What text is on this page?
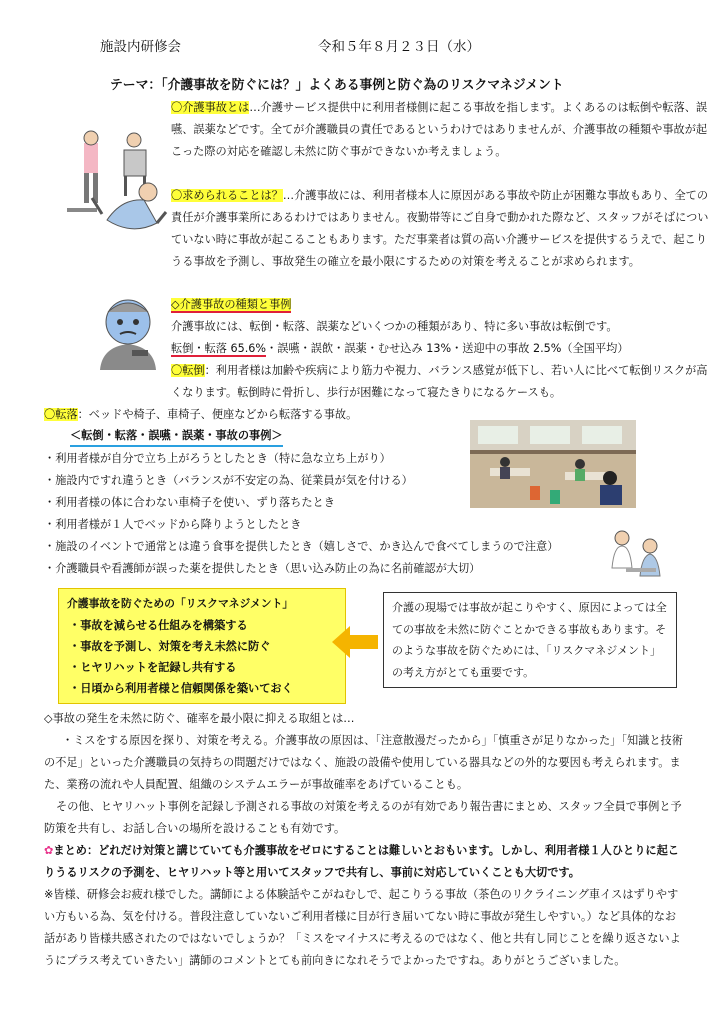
施設内研修会	令和５年８月２３日（水）
テーマ：「介護事故を防ぐには？」よくある事例と防ぐ為のリスクマネジメント
〇介護事故とは…介護サービス提供中に利用者様側に起こる事故を指します。よくあるのは転倒や転落、誤嚥、誤薬などです。全てが介護職員の責任であるというわけではありませんが、介護事故の種類や事故が起こった際の対応を確認し未然に防ぐ事ができないか考えましょう。
〇求められることは？…介護事故には、利用者様本人に原因がある事故や防止が困難な事故もあり、全ての責任が介護事業所にあるわけではありません。夜勤帯等にご自身で動かれた際など、スタッフがそばについていない時に事故が起こることもあります。ただ事業者は質の高い介護サービスを提供するうえで、起こりうる事故を予測し、事故発生の確立を最小限にするための対策を考えることが求められます。
◇介護事故の種類と事例
介護事故には、転倒・転落、誤薬などいくつかの種類があり、特に多い事故は転倒です。
転倒・転落 65.6%・誤嚥・誤飲・誤薬・むせ込み 13%・送迎中の事故 2.5%（全国平均）
〇転倒：利用者様は加齢や疾病により筋力や視力、バランス感覚が低下し、若い人に比べて転倒リスクが高くなります。転倒時に骨折し、歩行が困難になって寝たきりになるケースも。
〇転落：ベッドや椅子、車椅子、便座などから転落する事故。
＜転倒・転落・誤嚥・誤薬・事故の事例＞
・利用者様が自分で立ち上がろうとしたとき（特に急な立ち上がり）
・施設内ですれ違うとき（バランスが不安定の為、従業員が気を付ける）
・利用者様の体に合わない車椅子を使い、ずり落ちたとき
・利用者様が１人でベッドから降りようとしたとき
・施設のイベントで通常とは違う食事を提供したとき（嬉しさで、かき込んで食べてしまうので注意）
・介護職員や看護師が誤った薬を提供したとき（思い込み防止の為に名前確認が大切）
介護事故を防ぐための「リスクマネジメント」
・事故を減らせる仕組みを構築する
・事故を予測し、対策を考え未然に防ぐ
・ヒヤリハットを記録し共有する
・日頃から利用者様と信頼関係を築いておく
介護の現場では事故が起こりやすく、原因によっては全ての事故を未然に防ぐことかできる事故もあります。そのような事故を防ぐためには、「リスクマネジメント」の考え方がとても重要です。
◇事故の発生を未然に防ぐ、確率を最小限に抑える取組とは…
・ミスをする原因を探り、対策を考える。介護事故の原因は、「注意散漫だったから」「慎重さが足りなかった」「知識と技術の不足」といった介護職員の気持ちの問題だけではなく、施設の設備や使用している器具などの外的な要因も考えられます。また、業務の流れや人員配置、組織のシステムエラーが事故確率をあげていることも。
その他、ヒヤリハット事例を記録し予測される事故の対策を考えるのが有効であり報告書にまとめ、スタッフ全員で事例と予防策を共有し、お話し合いの場所を設けることも有効です。
✿まとめ：どれだけ対策と講じていても介護事故をゼロにすることは難しいとおもいます。しかし、利用者様１人ひとりに起こりうるリスクの予測を、ヒヤリハット等と用いてスタッフで共有し、事前に対応していくことも大切です。
※皆様、研修会お疲れ様でした。講師による体験話やこがねむしで、起こりうる事故（茶色のリクライニング車イスはずりやすい方もいる為、気を付ける。普段注意していないご利用者様に目が行き届いてない時に事故が発生しやすい。）など具体的なお話があり皆様共感されたのではないでしょうか？「ミスをマイナスに考えるのではなく、他と共有し同じことを繰り返さないようにプラス考えていきたい」講師のコメントとても前向きになれそうでよかったですね。ありがとうございました。
